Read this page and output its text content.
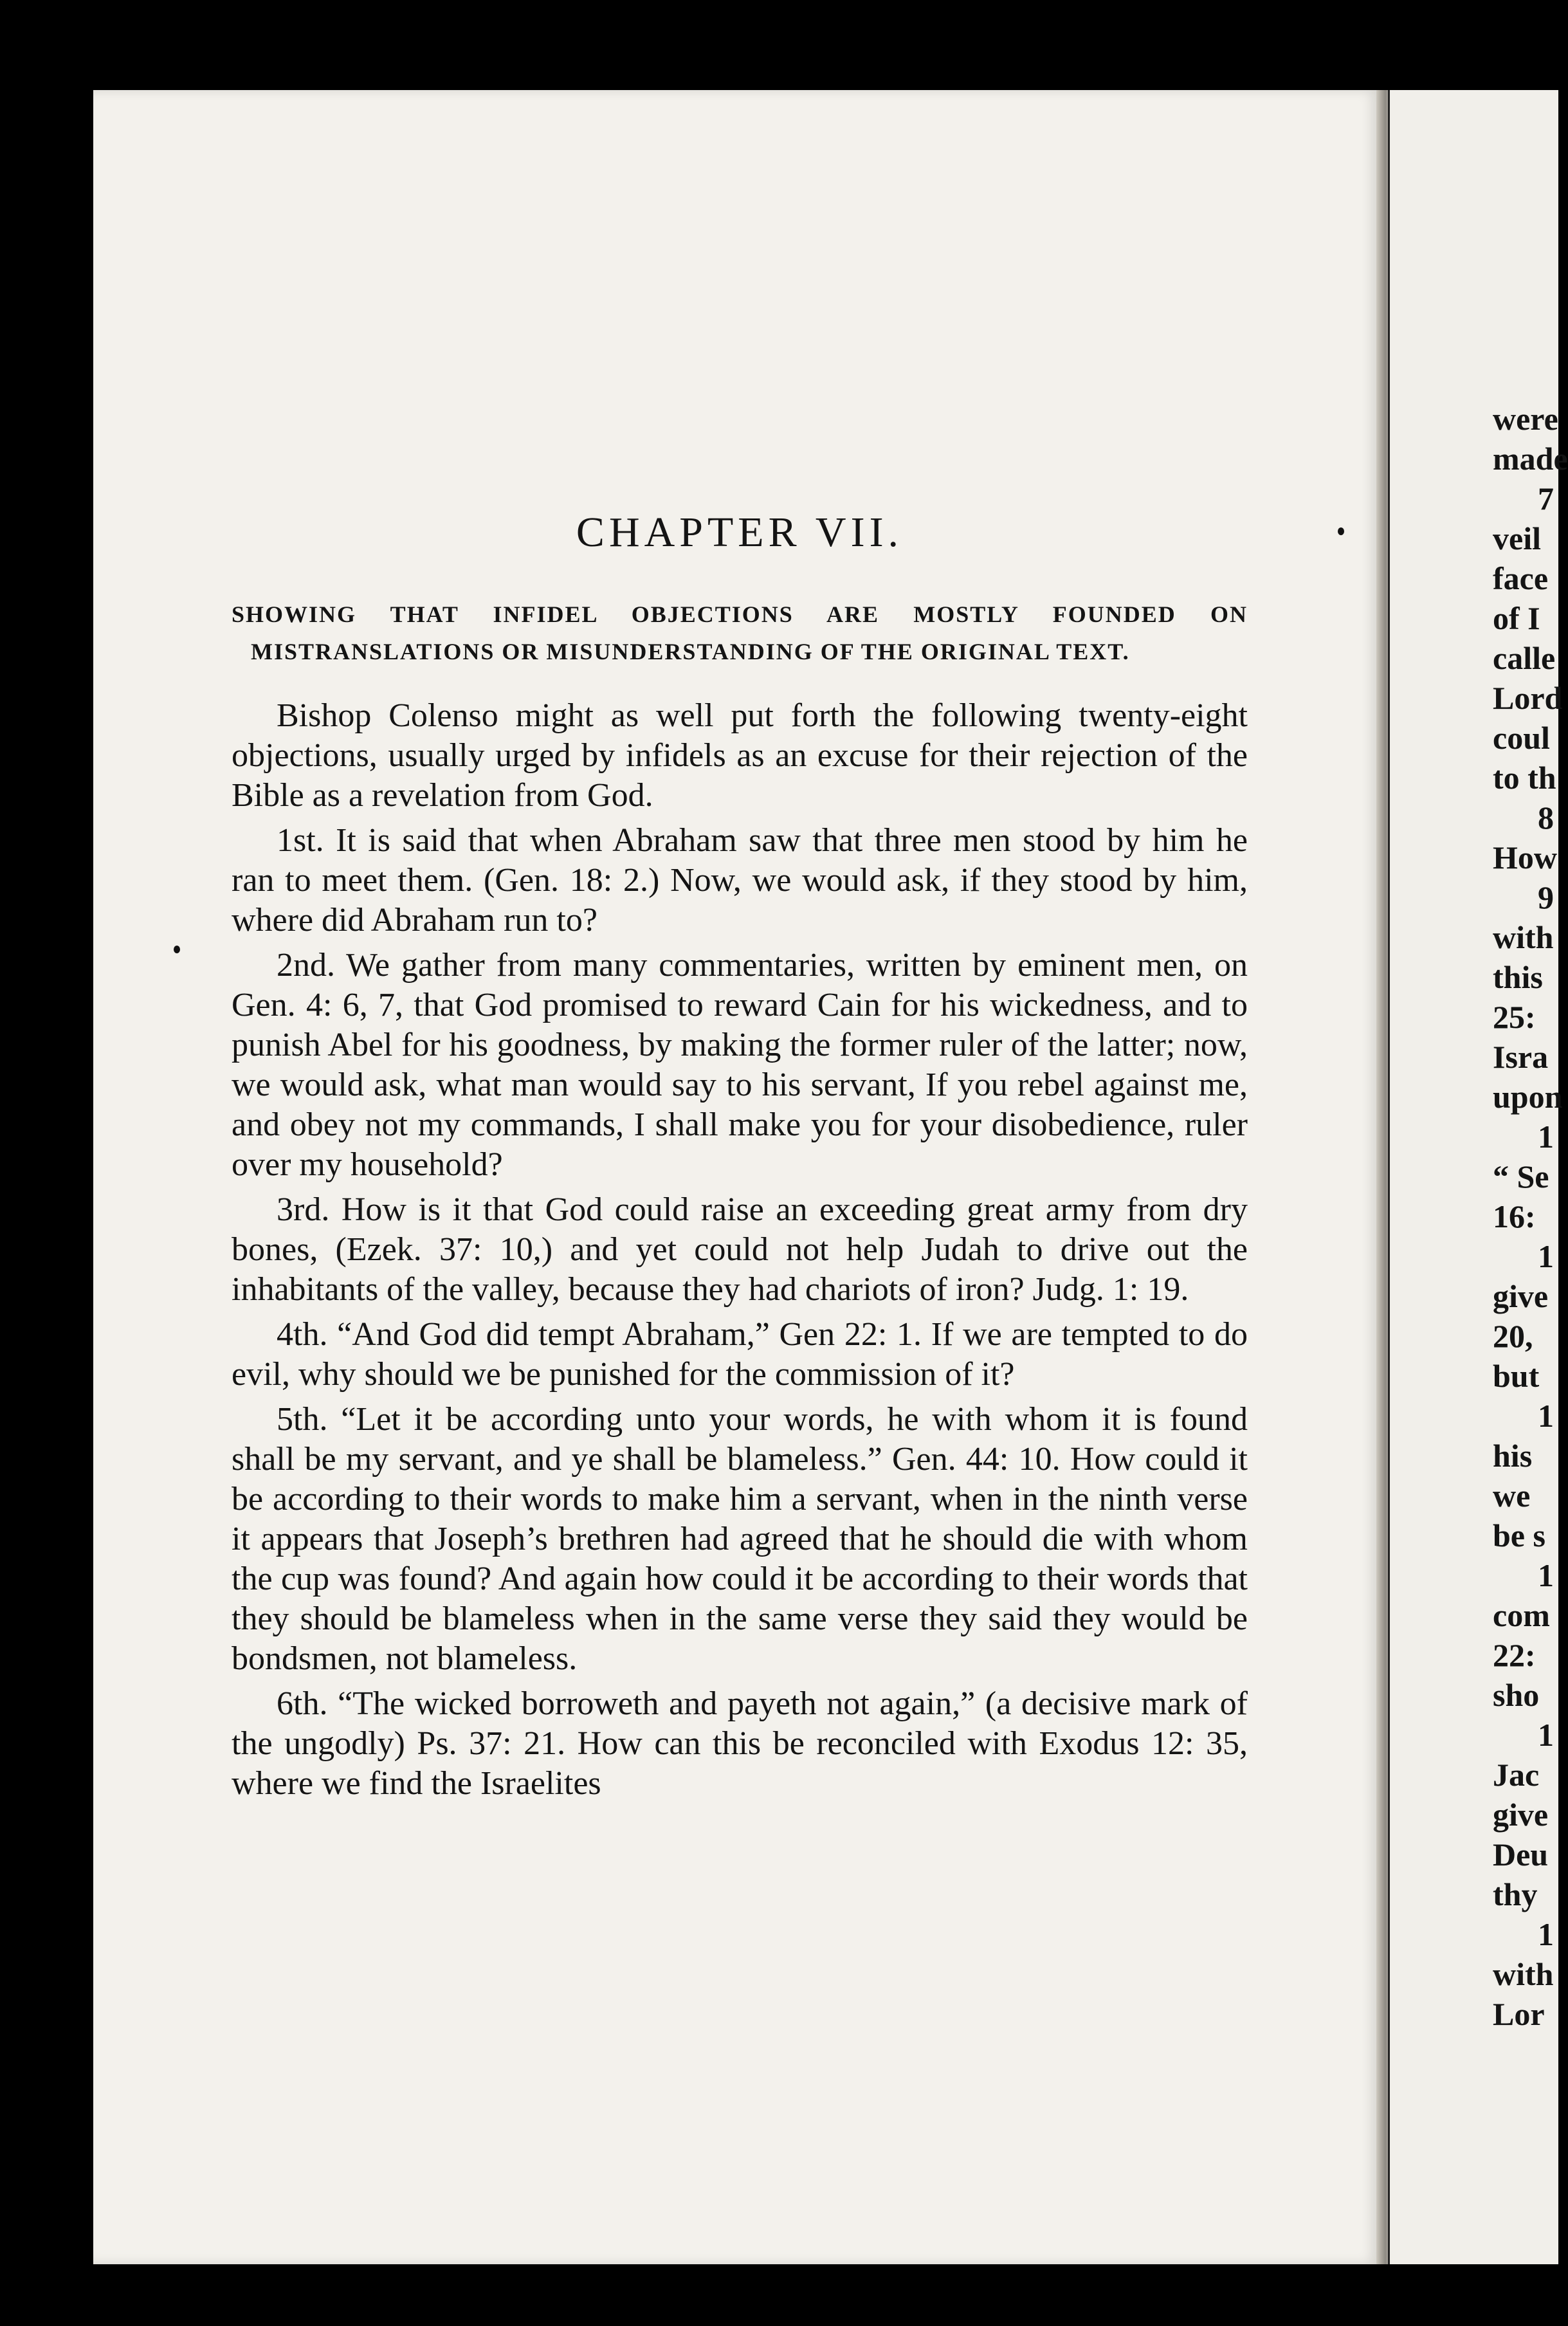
CHAPTER VII.

SHOWING THAT INFIDEL OBJECTIONS ARE MOSTLY FOUNDED ON MISTRANSLATIONS OR MISUNDERSTANDING OF THE ORIGINAL TEXT.

Bishop Colenso might as well put forth the following twenty-eight objections, usually urged by infidels as an excuse for their rejection of the Bible as a revelation from God.

1st. It is said that when Abraham saw that three men stood by him he ran to meet them. (Gen. 18: 2.) Now, we would ask, if they stood by him, where did Abraham run to?

2nd. We gather from many commentaries, written by eminent men, on Gen. 4: 6, 7, that God promised to reward Cain for his wickedness, and to punish Abel for his goodness, by making the former ruler of the latter; now, we would ask, what man would say to his servant, If you rebel against me, and obey not my commands, I shall make you for your disobedience, ruler over my household?

3rd. How is it that God could raise an exceeding great army from dry bones, (Ezek. 37: 10,) and yet could not help Judah to drive out the inhabitants of the valley, because they had chariots of iron? Judg. 1: 19.

4th. “And God did tempt Abraham,” Gen 22: 1. If we are tempted to do evil, why should we be punished for the commission of it?

5th. “Let it be according unto your words, he with whom it is found shall be my servant, and ye shall be blameless.” Gen. 44: 10. How could it be according to their words to make him a servant, when in the ninth verse it appears that Joseph’s brethren had agreed that he should die with whom the cup was found? And again how could it be according to their words that they should be blameless when in the same verse they said they would be bondsmen, not blameless.

6th. “The wicked borroweth and payeth not again,” (a decisive mark of the ungodly) Ps. 37: 21. How can this be reconciled with Exodus 12: 35, where we find the Israelites

were
made
7
veil
face
of I
calle
Lord
coul
to th
8
How
9
with
this
25:
Isra
upon
1
“ Se
16:
1
give
20,
but
1
his
we
be s
1
com
22:
sho
1
Jac
give
Deu
thy
1
with
Lor
